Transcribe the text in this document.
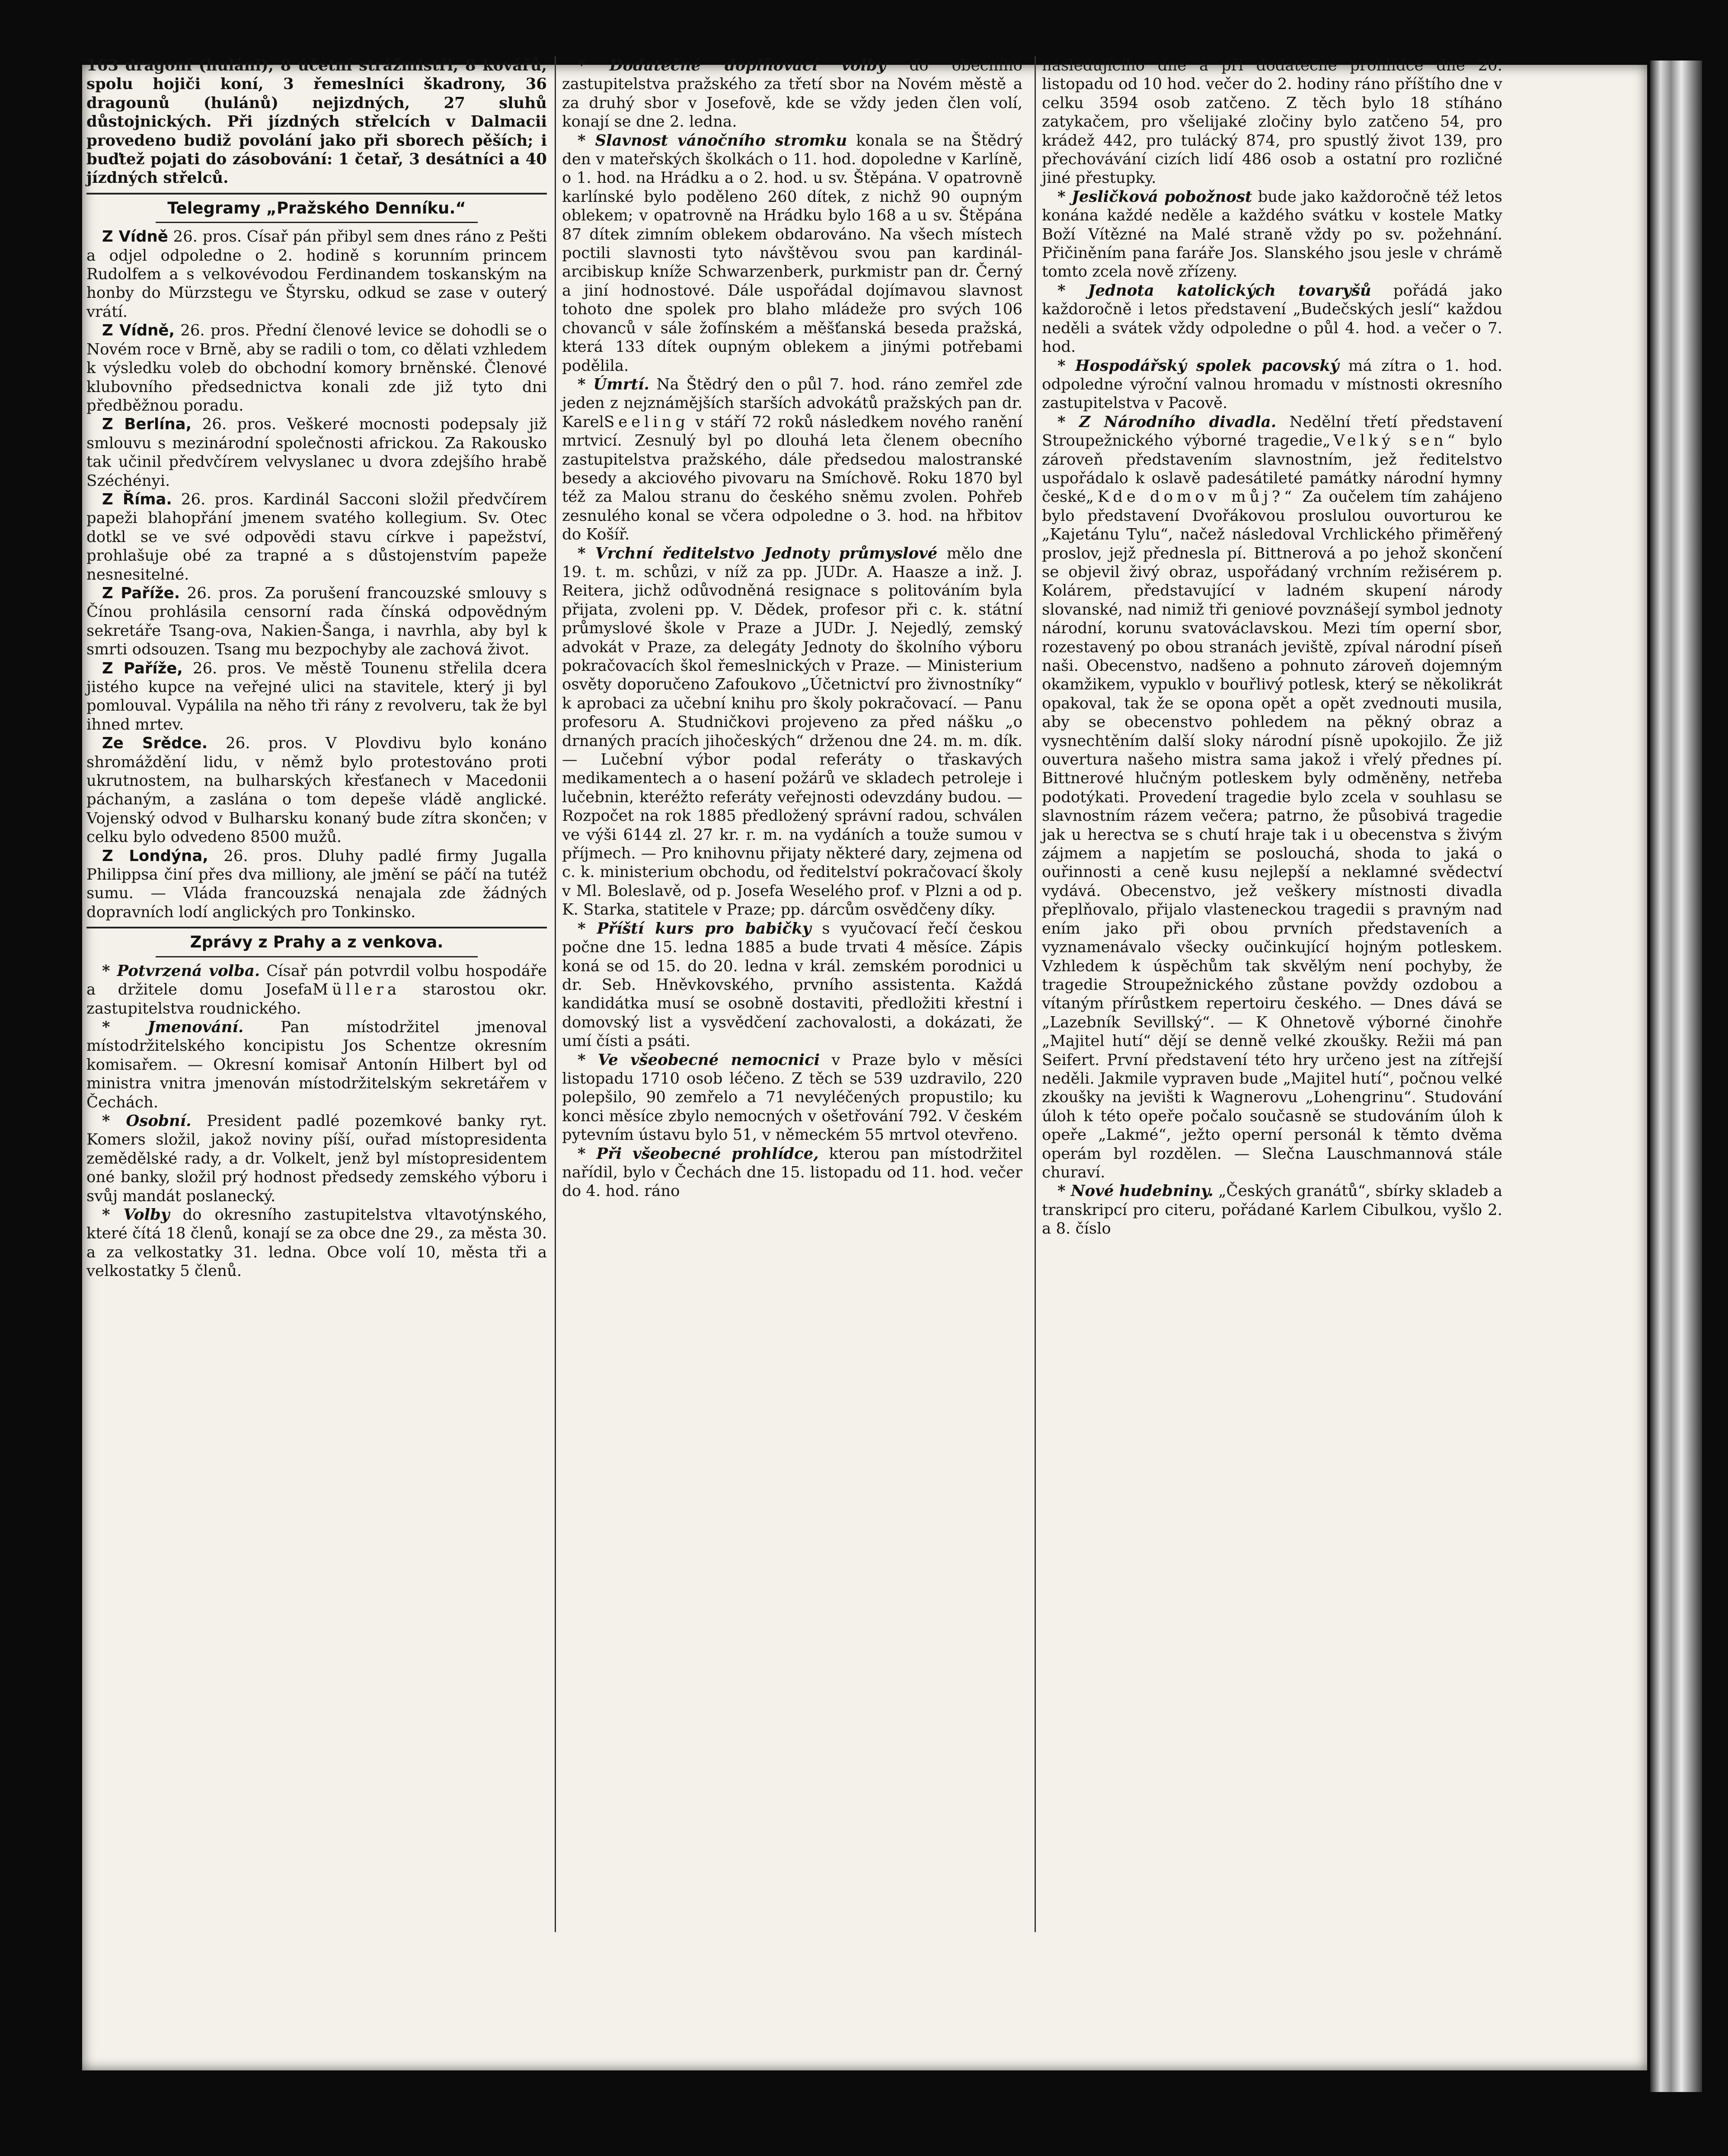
163 dragoní (huláni), 8 účetní strážmistři, 8 kovářů, spolu hojiči koní, 3 řemeslníci škadrony, 36 dragounů (hulánů) nejizdných, 27 sluhů důstojnických. Při jízdných střelcích v Dalmacii provedeno budiž povolání jako při sborech pěších; i buďtež pojati do zásobování: 1 četař, 3 desátníci a 40 jízdných střelců.

Telegramy „Pražského Denníku.“

Z Vídně 26. pros. Císař pán přibyl sem dnes ráno z Pešti a odjel odpoledne o 2. hodině s korunním princem Rudolfem a s velkovévodou Ferdinandem toskanským na honby do Mürzstegu ve Štyrsku, odkud se zase v outerý vrátí.

Z Vídně, 26. pros. Přední členové levice se dohodli se o Novém roce v Brně, aby se radili o tom, co dělati vzhledem k výsledku voleb do obchodní komory brněnské. Členové klubovního předsednictva konali zde již tyto dni předběžnou poradu.

Z Berlína, 26. pros. Veškeré mocnosti podepsaly již smlouvu s mezinárodní společnosti africkou. Za Rakousko tak učinil předvčírem velvyslanec u dvora zdejšího hrabě Széchényi.

Z Říma. 26. pros. Kardinál Sacconi složil předvčírem papeži blahopřání jmenem svatého kollegium. Sv. Otec dotkl se ve své odpovědi stavu církve i papežství, prohlašuje obé za trapné a s důstojenstvím papeže nesnesitelné.

Z Paříže. 26. pros. Za porušení francouzské smlouvy s Čínou prohlásila censorní rada čínská odpovědným sekretáře Tsang-ova, Nakien-Šanga, i navrhla, aby byl k smrti odsouzen. Tsang mu bezpochyby ale zachová život.

Z Paříže, 26. pros. Ve městě Tounenu střelila dcera jistého kupce na veřejné ulici na stavitele, který ji byl pomlouval. Vypálila na něho tři rány z revolveru, tak že byl ihned mrtev.

Ze Srědce. 26. pros. V Plovdivu bylo konáno shromáždění lidu, v němž bylo protestováno proti ukrutnostem, na bulharských křesťanech v Macedonii páchaným, a zaslána o tom depeše vládě anglické. Vojenský odvod v Bulharsku konaný bude zítra skončen; v celku bylo odvedeno 8500 mužů.

Z Londýna, 26. pros. Dluhy padlé firmy Jugalla Philippsa činí přes dva milliony, ale jmění se páčí na tutéž sumu. — Vláda francouzská nenajala zde žádných dopravních lodí anglických pro Tonkinsko.

Zprávy z Prahy a z venkova.

* Potvrzená volba. Císař pán potvrdil volbu hospodáře a držitele domu JosefaMüllera starostou okr. zastupitelstva roudnického.

* Jmenování. Pan místodržitel jmenoval místodržitelského koncipistu Jos Schentze okresním komisařem. — Okresní komisař Antonín Hilbert byl od ministra vnitra jmenován místodržitelským sekretářem v Čechách.

* Osobní. President padlé pozemkové banky ryt. Komers složil, jakož noviny píší, ouřad místopresidenta zemědělské rady, a dr. Volkelt, jenž byl místopresidentem oné banky, složil prý hodnost předsedy zemského výboru i svůj mandát poslanecký.

* Volby do okresního zastupitelstva vltavotýnského, které čítá 18 členů, konají se za obce dne 29., za města 30. a za velkostatky 31. ledna. Obce volí 10, města tři a velkostatky 5 členů.

* Dodatečné doplňovací volby do obecního zastupitelstva pražského za třetí sbor na Novém městě a za druhý sbor v Josefově, kde se vždy jeden člen volí, konají se dne 2. ledna.

* Slavnost vánočního stromku konala se na Štědrý den v mateřských školkách o 11. hod. dopoledne v Karlíně, o 1. hod. na Hrádku a o 2. hod. u sv. Štěpána. V opatrovně karlínské bylo poděleno 260 dítek, z nichž 90 oupným oblekem; v opatrovně na Hrádku bylo 168 a u sv. Štěpána 87 dítek zimním oblekem obdarováno. Na všech místech poctili slavnosti tyto návštěvou svou pan kardinál-arcibiskup kníže Schwarzenberk, purkmistr pan dr. Černý a jiní hodnostové. Dále uspořádal dojímavou slavnost tohoto dne spolek pro blaho mládeže pro svých 106 chovanců v sále žofínském a měšťanská beseda pražská, která 133 dítek oupným oblekem a jinými potřebami podělila.

* Úmrtí. Na Štědrý den o půl 7. hod. ráno zemřel zde jeden z nejznámějších starších advokátů pražských pan dr. KarelSeeling v stáří 72 roků následkem nového ranění mrtvicí. Zesnulý byl po dlouhá leta členem obecního zastupitelstva pražského, dále předsedou malostranské besedy a akciového pivovaru na Smíchově. Roku 1870 byl též za Malou stranu do českého sněmu zvolen. Pohřeb zesnulého konal se včera odpoledne o 3. hod. na hřbitov do Košíř.

* Vrchní ředitelstvo Jednoty průmyslové mělo dne 19. t. m. schůzi, v níž za pp. JUDr. A. Haasze a inž. J. Reitera, jichž odůvodněná resignace s politováním byla přijata, zvoleni pp. V. Dědek, profesor při c. k. státní průmyslové škole v Praze a JUDr. J. Nejedlý, zemský advokát v Praze, za delegáty Jednoty do školního výboru pokračovacích škol řemeslnických v Praze. — Ministerium osvěty doporučeno Zafoukovo „Účetnictví pro živnostníky“ k aprobaci za učební knihu pro školy pokračovací. — Panu profesoru A. Studničkovi projeveno za před nášku „o drnaných pracích jihočeských“ drženou dne 24. m. m. dík. — Lučební výbor podal referáty o třaskavých medikamentech a o hasení požárů ve skladech petroleje i lučebnin, kteréžto referáty veřejnosti odevzdány budou. — Rozpočet na rok 1885 předložený správní radou, schválen ve výši 6144 zl. 27 kr. r. m. na vydáních a touže sumou v příjmech. — Pro knihovnu přijaty některé dary, zejmena od c. k. ministerium obchodu, od ředitelství pokračovací školy v Ml. Boleslavě, od p. Josefa Weselého prof. v Plzni a od p. K. Starka, statitele v Praze; pp. dárcům osvědčeny díky.

* Příští kurs pro babičky s vyučovací řečí českou počne dne 15. ledna 1885 a bude trvati 4 měsíce. Zápis koná se od 15. do 20. ledna v král. zemském porodnici u dr. Seb. Hněvkovského, prvního assistenta. Každá kandidátka musí se osobně dostaviti, předložiti křestní i domovský list a vysvědčení zachovalosti, a dokázati, že umí čísti a psáti.

* Ve všeobecné nemocnici v Praze bylo v měsíci listopadu 1710 osob léčeno. Z těch se 539 uzdravilo, 220 polepšilo, 90 zemřelo a 71 nevyléčených propustilo; ku konci měsíce zbylo nemocných v ošetřování 792. V českém pytevním ústavu bylo 51, v německém 55 mrtvol otevřeno.

* Při všeobecné prohlídce, kterou pan místodržitel nařídil, bylo v Čechách dne 15. listopadu od 11. hod. večer do 4. hod. ráno

následujícího dne a při dodatečné prohlídce dne 20. listopadu od 10 hod. večer do 2. hodiny ráno příštího dne v celku 3594 osob zatčeno. Z těch bylo 18 stíháno zatykačem, pro všelijaké zločiny bylo zatčeno 54, pro krádež 442, pro tulácký 874, pro spustlý život 139, pro přechovávání cizích lidí 486 osob a ostatní pro rozličné jiné přestupky.

* Jesličková pobožnost bude jako každoročně též letos konána každé neděle a každého svátku v kostele Matky Boží Vítězné na Malé straně vždy po sv. požehnání. Přičiněním pana faráře Jos. Slanského jsou jesle v chrámě tomto zcela nově zřízeny.

* Jednota katolických tovaryšů pořádá jako každoročně i letos představení „Budečských jeslí“ každou neděli a svátek vždy odpoledne o půl 4. hod. a večer o 7. hod.

* Hospodářský spolek pacovský má zítra o 1. hod. odpoledne výroční valnou hromadu v místnosti okresního zastupitelstva v Pacově.

* Z Národního divadla. Nedělní třetí představení Stroupežnického výborné tragedie„Velký sen“ bylo zároveň představením slavnostním, jež ředitelstvo uspořádalo k oslavě padesátileté památky národní hymny české„Kde domov můj?“ Za oučelem tím zahájeno bylo představení Dvořákovou proslulou ouvorturou ke „Kajetánu Tylu“, načež následoval Vrchlického přiměřený proslov, jejž přednesla pí. Bittnerová a po jehož skončení se objevil živý obraz, uspořádaný vrchním režisérem p. Kolárem, představující v ladném skupení národy slovanské, nad nimiž tři geniové povznášejí symbol jednoty národní, korunu svatováclavskou. Mezi tím operní sbor, rozestavený po obou stranách jeviště, zpíval národní píseň naši. Obecenstvo, nadšeno a pohnuto zároveň dojemným okamžikem, vypuklo v bouřlivý potlesk, který se několikrát opakoval, tak že se opona opět a opět zvednouti musila, aby se obecenstvo pohledem na pěkný obraz a vysnechtěním další sloky národní písně upokojilo. Že již ouvertura našeho mistra sama jakož i vřelý přednes pí. Bittnerové hlučným potleskem byly odměněny, netřeba podotýkati. Provedení tragedie bylo zcela v souhlasu se slavnostním rázem večera; patrno, že působivá tragedie jak u herectva se s chutí hraje tak i u obecenstva s živým zájmem a napjetím se poslouchá, shoda to jaká o ouřinnosti a ceně kusu nejlepší a neklamné svědectví vydává. Obecenstvo, jež veškery místnosti divadla přeplňovalo, přijalo vlasteneckou tragedii s pravným nad ením jako při obou prvních představeních a vyznamenávalo všecky oučinkující hojným potleskem. Vzhledem k úspěchům tak skvělým není pochyby, že tragedie Stroupežnického zůstane povždy ozdobou a vítaným přírůstkem repertoiru českého. — Dnes dává se „Lazebník Sevillský“. — K Ohnetově výborné činohře „Majitel hutí“ dějí se denně velké zkoušky. Režii má pan Seifert. První představení této hry určeno jest na zítřejší neděli. Jakmile vypraven bude „Majitel hutí“, počnou velké zkoušky na jevišti k Wagnerovu „Lohengrinu“. Studování úloh k této opeře počalo současně se studováním úloh k opeře „Lakmé“, ježto operní personál k těmto dvěma operám byl rozdělen. — Slečna Lauschmannová stále churaví.

* Nové hudebniny. „Českých granátů“, sbírky skladeb a transkripcí pro citeru, pořádané Karlem Cibulkou, vyšlo 2. a 8. číslo
